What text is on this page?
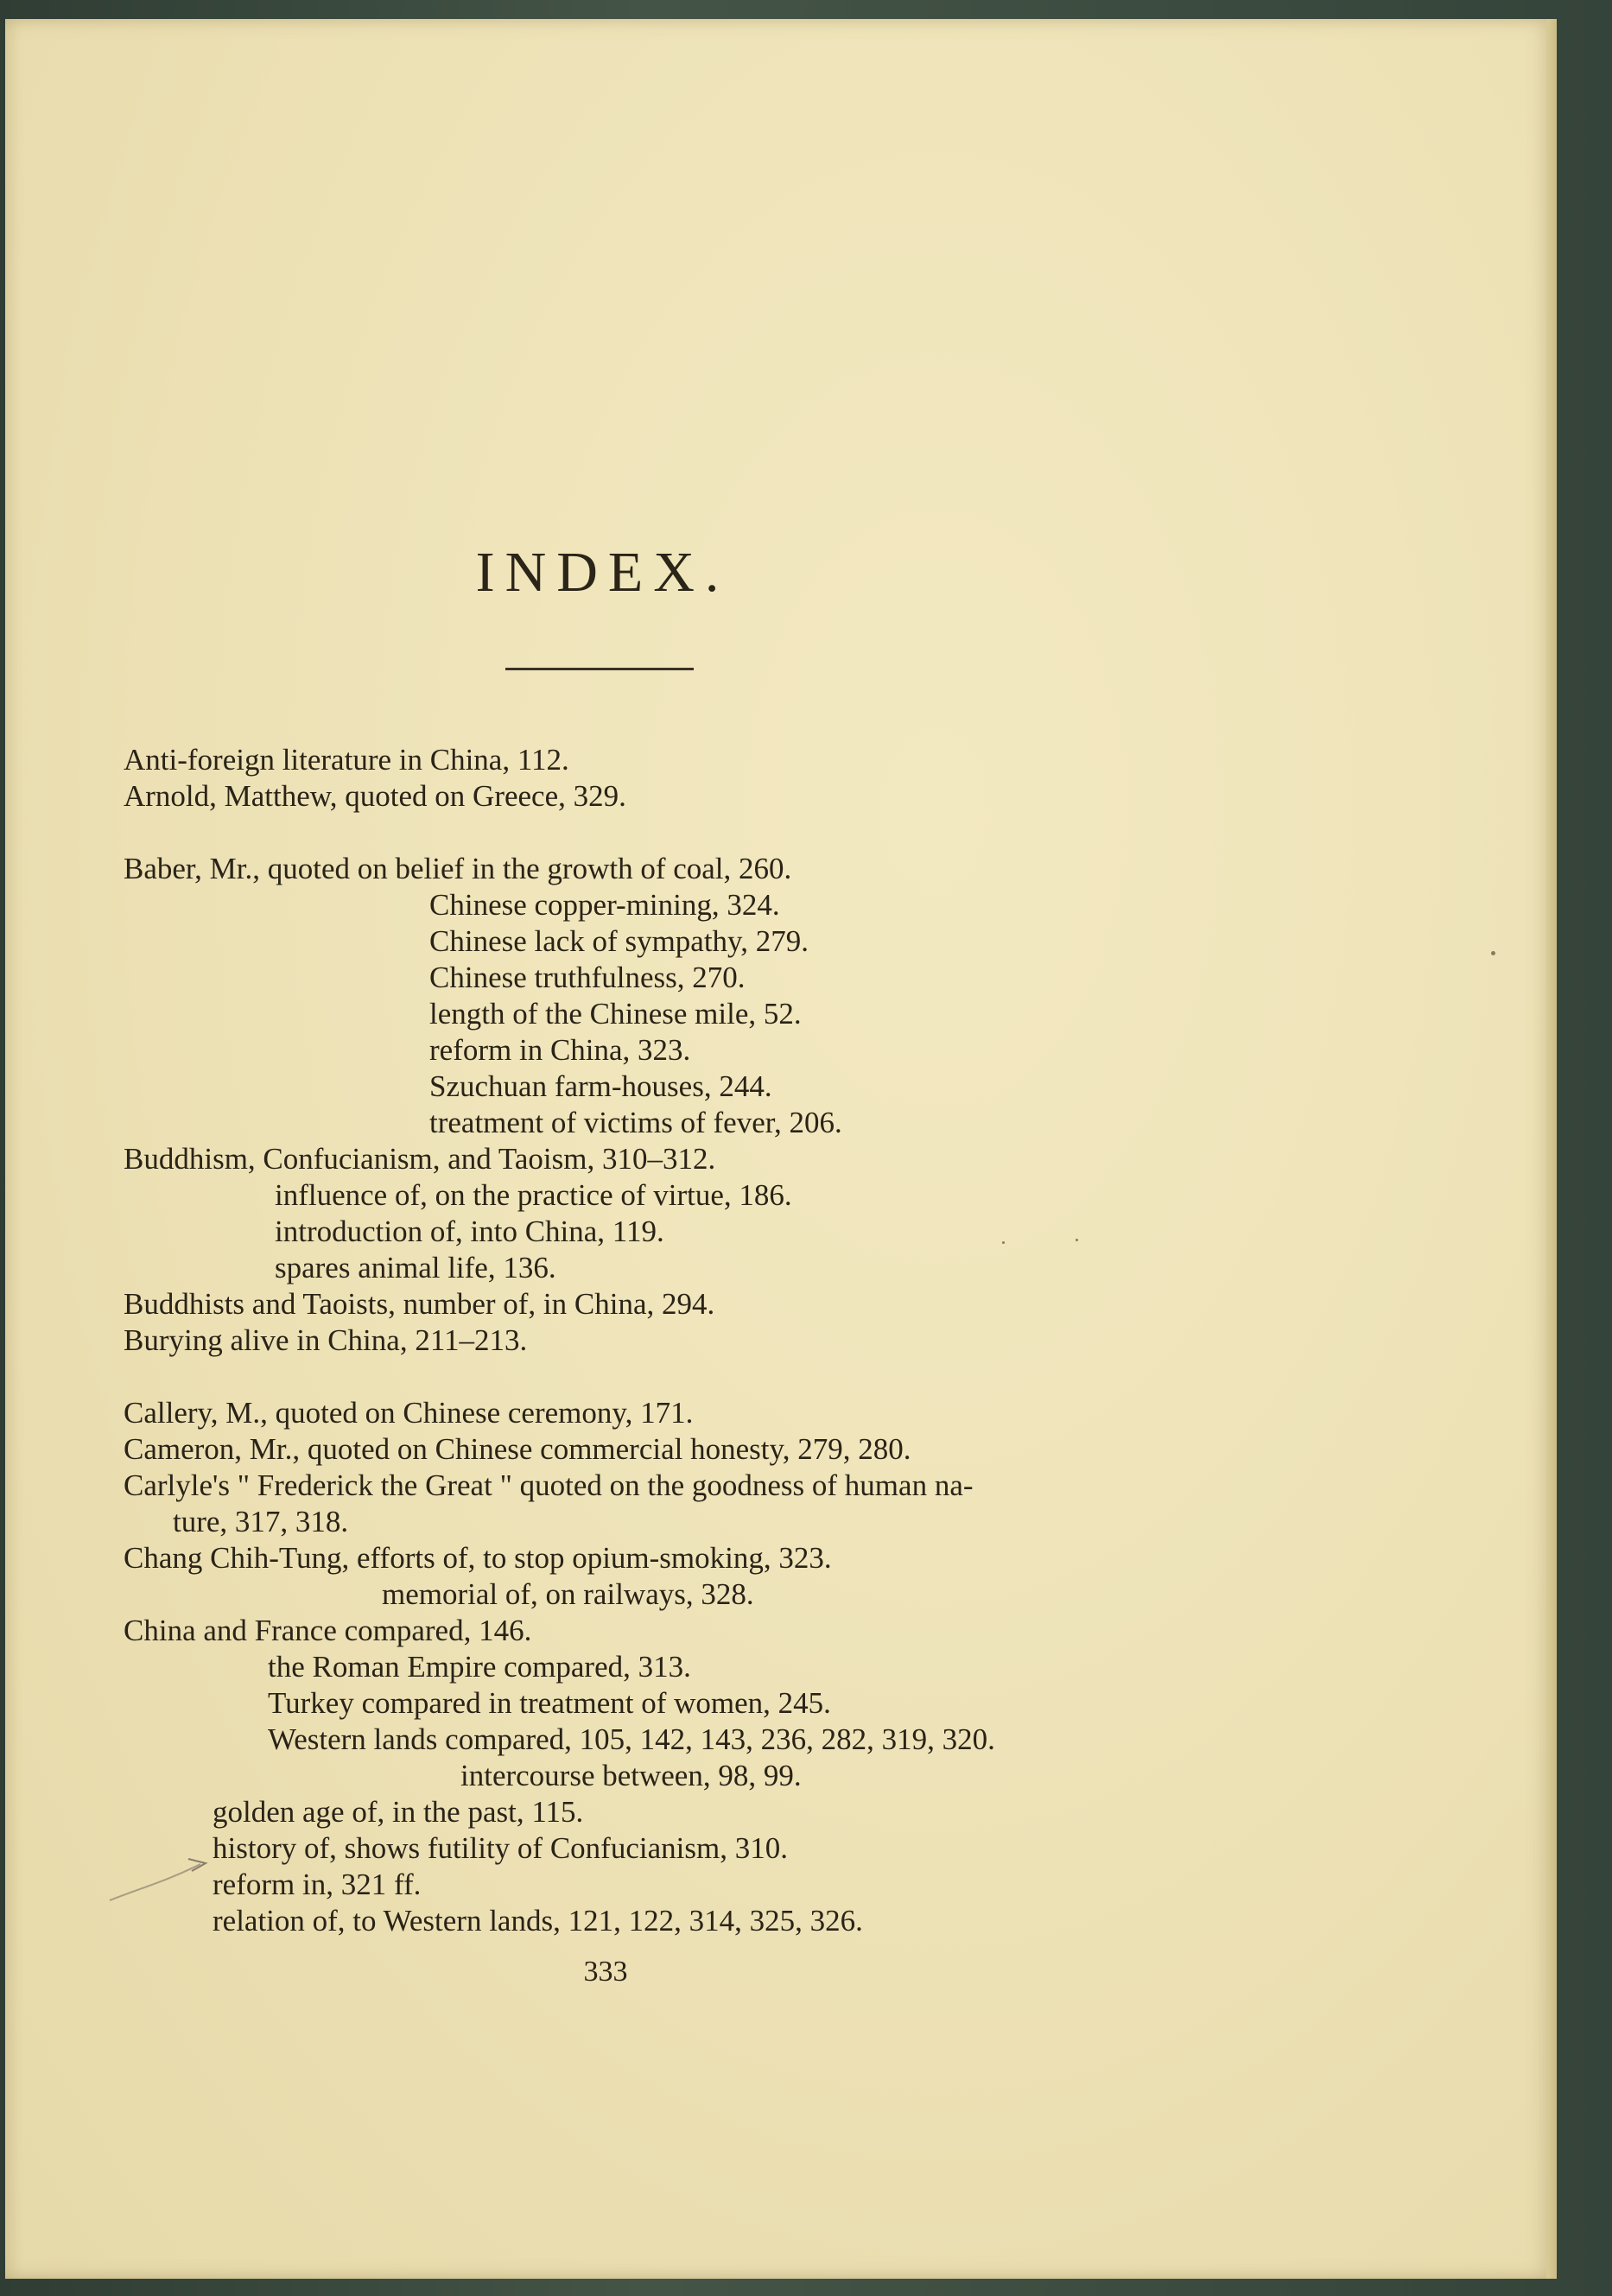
INDEX.
Anti-foreign literature in China, 112.
Arnold, Matthew, quoted on Greece, 329.
Baber, Mr., quoted on belief in the growth of coal, 260.
Chinese copper-mining, 324.
Chinese lack of sympathy, 279.
Chinese truthfulness, 270.
length of the Chinese mile, 52.
reform in China, 323.
Szuchuan farm-houses, 244.
treatment of victims of fever, 206.
Buddhism, Confucianism, and Taoism, 310–312.
influence of, on the practice of virtue, 186.
introduction of, into China, 119.
spares animal life, 136.
Buddhists and Taoists, number of, in China, 294.
Burying alive in China, 211–213.
Callery, M., quoted on Chinese ceremony, 171.
Cameron, Mr., quoted on Chinese commercial honesty, 279, 280.
Carlyle's " Frederick the Great " quoted on the goodness of human na-
ture, 317, 318.
Chang Chih-Tung, efforts of, to stop opium-smoking, 323.
memorial of, on railways, 328.
China and France compared, 146.
the Roman Empire compared, 313.
Turkey compared in treatment of women, 245.
Western lands compared, 105, 142, 143, 236, 282, 319, 320.
intercourse between, 98, 99.
golden age of, in the past, 115.
history of, shows futility of Confucianism, 310.
reform in, 321 ff.
relation of, to Western lands, 121, 122, 314, 325, 326.
333
